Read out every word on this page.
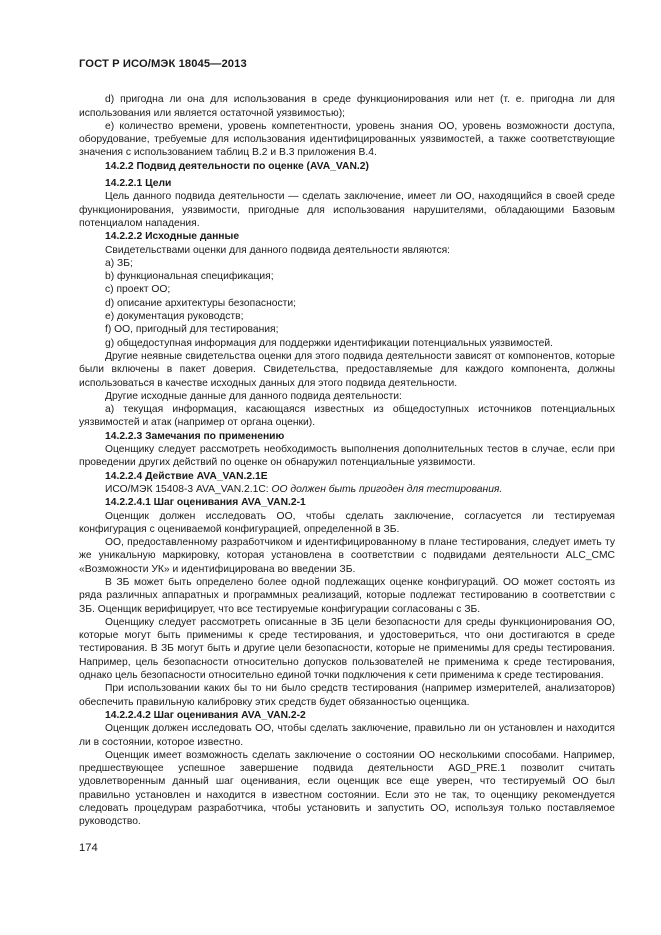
ГОСТ Р ИСО/МЭК 18045—2013

d) пригодна ли она для использования в среде функционирования или нет (т. е. пригодна ли для использования или является остаточной уязвимостью);

е) количество времени, уровень компетентности, уровень знания ОО, уровень возможности доступа, оборудование, требуемые для использования идентифицированных уязвимостей, а также соответствующие значения с использованием таблиц В.2 и В.3 приложения В.4.

14.2.2 Подвид деятельности по оценке (AVA_VAN.2)

14.2.2.1 Цели

Цель данного подвида деятельности — сделать заключение, имеет ли ОО, находящийся в своей среде функционирования, уязвимости, пригодные для использования нарушителями, обладающими Базовым потенциалом нападения.

14.2.2.2 Исходные данные

Свидетельствами оценки для данного подвида деятельности являются:

a) ЗБ;

b) функциональная спецификация;

c) проект ОО;

d) описание архитектуры безопасности;

e) документация руководств;

f) ОО, пригодный для тестирования;

g) общедоступная информация для поддержки идентификации потенциальных уязвимостей.

Другие неявные свидетельства оценки для этого подвида деятельности зависят от компонентов, которые были включены в пакет доверия. Свидетельства, предоставляемые для каждого компонента, должны использоваться в качестве исходных данных для этого подвида деятельности.

Другие исходные данные для данного подвида деятельности:

a) текущая информация, касающаяся известных из общедоступных источников потенциальных уязвимостей и атак (например от органа оценки).

14.2.2.3 Замечания по применению

Оценщику следует рассмотреть необходимость выполнения дополнительных тестов в случае, если при проведении других действий по оценке он обнаружил потенциальные уязвимости.

14.2.2.4 Действие AVA_VAN.2.1E

ИСО/МЭК 15408-3 AVA_VAN.2.1C: ОО должен быть пригоден для тестирования.

14.2.2.4.1 Шаг оценивания AVA_VAN.2-1

Оценщик должен исследовать ОО, чтобы сделать заключение, согласуется ли тестируемая конфигурация с оцениваемой конфигурацией, определенной в ЗБ.

ОО, предоставленному разработчиком и идентифицированному в плане тестирования, следует иметь ту же уникальную маркировку, которая установлена в соответствии с подвидами деятельности ALC_CMC «Возможности УК» и идентифицирована во введении ЗБ.

В ЗБ может быть определено более одной подлежащих оценке конфигураций. ОО может состоять из ряда различных аппаратных и программных реализаций, которые подлежат тестированию в соответствии с ЗБ. Оценщик верифицирует, что все тестируемые конфигурации согласованы с ЗБ.

Оценщику следует рассмотреть описанные в ЗБ цели безопасности для среды функционирования ОО, которые могут быть применимы к среде тестирования, и удостовериться, что они достигаются в среде тестирования. В ЗБ могут быть и другие цели безопасности, которые не применимы для среды тестирования. Например, цель безопасности относительно допусков пользователей не применима к среде тестирования, однако цель безопасности относительно единой точки подключения к сети применима к среде тестирования.

При использовании каких бы то ни было средств тестирования (например измерителей, анализаторов) обеспечить правильную калибровку этих средств будет обязанностью оценщика.

14.2.2.4.2 Шаг оценивания AVA_VAN.2-2

Оценщик должен исследовать ОО, чтобы сделать заключение, правильно ли он установлен и находится ли в состоянии, которое известно.

Оценщик имеет возможность сделать заключение о состоянии ОО несколькими способами. Например, предшествующее успешное завершение подвида деятельности AGD_PRE.1 позволит считать удовлетворенным данный шаг оценивания, если оценщик все еще уверен, что тестируемый ОО был правильно установлен и находится в известном состоянии. Если это не так, то оценщику рекомендуется следовать процедурам разработчика, чтобы установить и запустить ОО, используя только поставляемое руководство.

174
